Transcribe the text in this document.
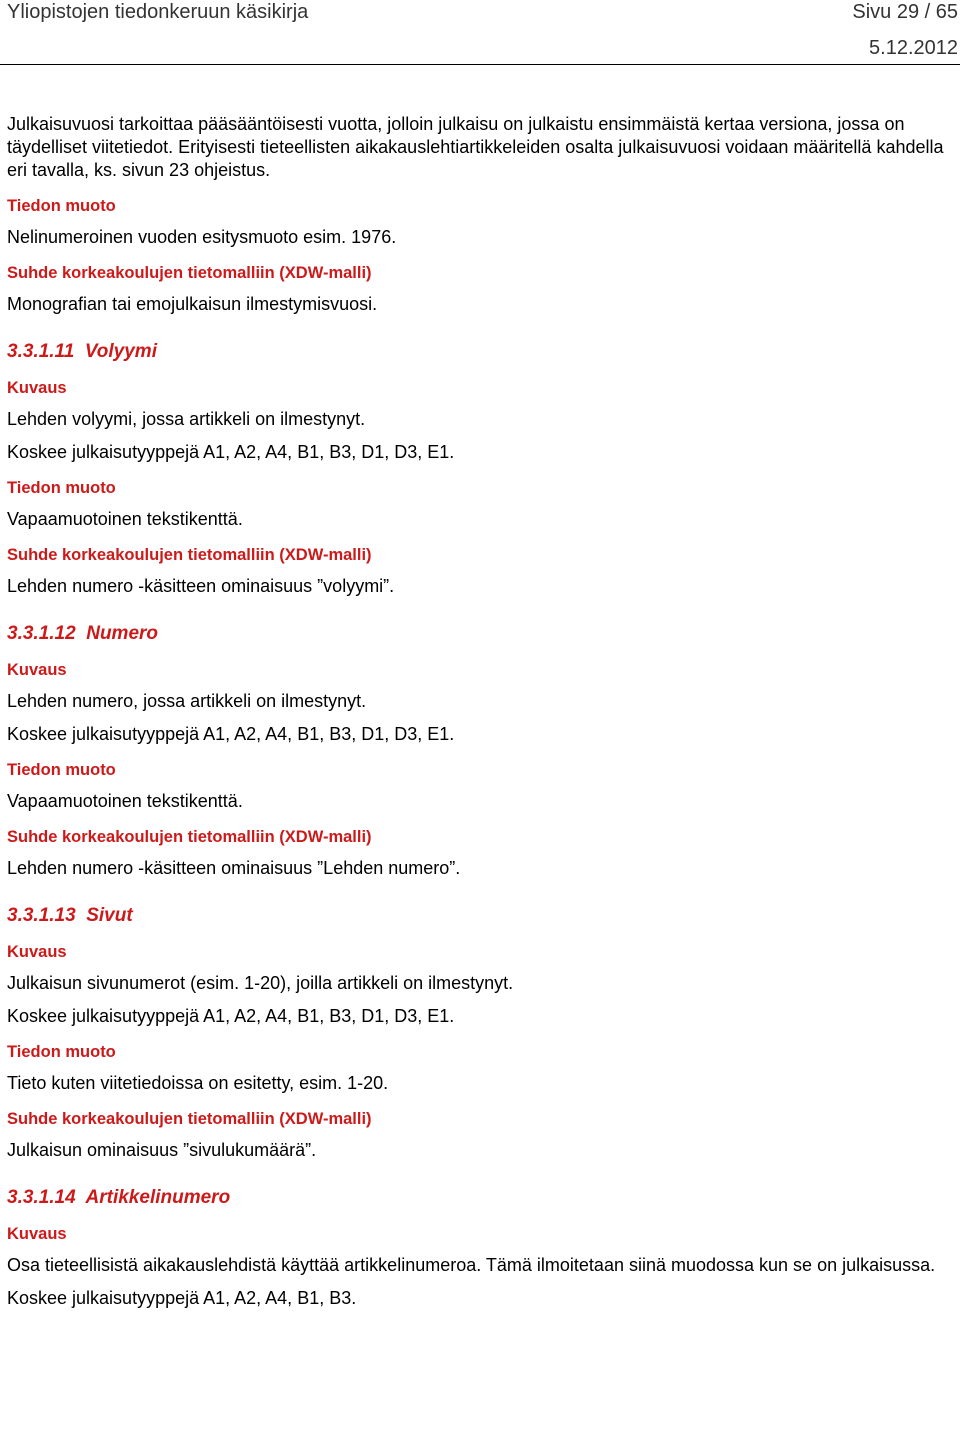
Yliopistojen tiedonkeruun käsikirja	Sivu 29 / 65
5.12.2012

Julkaisuvuosi tarkoittaa pääsääntöisesti vuotta, jolloin julkaisu on julkaistu ensimmäistä kertaa versiona, jossa on täydelliset viitetiedot. Erityisesti tieteellisten aikakauslehtiartikkeleiden osalta julkaisuvuosi voidaan määritellä kahdella eri tavalla, ks. sivun 23 ohjeistus.

Tiedon muoto

Nelinumeroinen vuoden esitysmuoto esim. 1976.

Suhde korkeakoulujen tietomalliin (XDW-malli)

Monografian tai emojulkaisun ilmestymisvuosi.

3.3.1.11  Volyymi

Kuvaus

Lehden volyymi, jossa artikkeli on ilmestynyt.

Koskee julkaisutyyppejä A1, A2, A4, B1, B3, D1, D3, E1.

Tiedon muoto

Vapaamuotoinen tekstikenttä.

Suhde korkeakoulujen tietomalliin (XDW-malli)

Lehden numero -käsitteen ominaisuus ”volyymi”.

3.3.1.12  Numero

Kuvaus

Lehden numero, jossa artikkeli on ilmestynyt.

Koskee julkaisutyyppejä A1, A2, A4, B1, B3, D1, D3, E1.

Tiedon muoto

Vapaamuotoinen tekstikenttä.

Suhde korkeakoulujen tietomalliin (XDW-malli)

Lehden numero -käsitteen ominaisuus ”Lehden numero”.

3.3.1.13  Sivut

Kuvaus

Julkaisun sivunumerot (esim. 1-20), joilla artikkeli on ilmestynyt.

Koskee julkaisutyyppejä A1, A2, A4, B1, B3, D1, D3, E1.

Tiedon muoto

Tieto kuten viitetiedoissa on esitetty, esim. 1-20.

Suhde korkeakoulujen tietomalliin (XDW-malli)

Julkaisun ominaisuus ”sivulukumäärä”.

3.3.1.14  Artikkelinumero

Kuvaus

Osa tieteellisistä aikakauslehdistä käyttää artikkelinumeroa. Tämä ilmoitetaan siinä muodossa kun se on julkaisussa.

Koskee julkaisutyyppejä A1, A2, A4, B1, B3.
